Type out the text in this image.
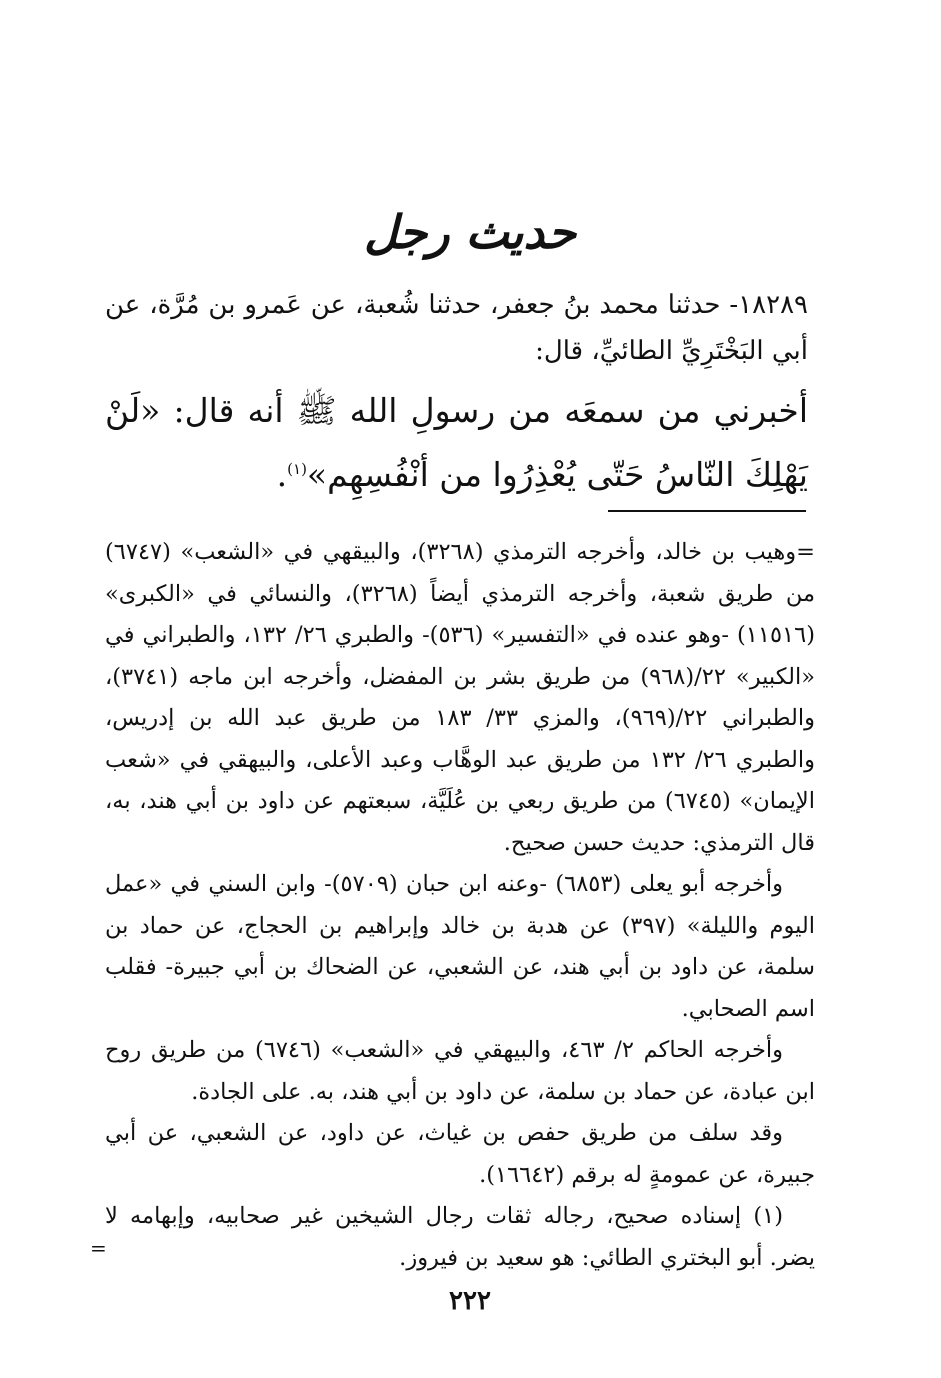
حديث رجل

١٨٢٨٩- حدثنا محمد بنُ جعفر، حدثنا شُعبة، عن عَمرو بن مُرَّة، عن أبي البَخْتَرِيِّ الطائيِّ، قال:

أخبرني من سمعَه من رسولِ الله ﷺ أنه قال: «لَنْ يَهْلِكَ النّاسُ حَتّى يُعْذِرُوا من أنْفُسِهِم»$^{(١)}$.

=وهيب بن خالد، وأخرجه الترمذي (٣٢٦٨)، والبيقهي في «الشعب» (٦٧٤٧) من طريق شعبة، وأخرجه الترمذي أيضاً (٣٢٦٨)، والنسائي في «الكبرى» (١١٥١٦) -وهو عنده في «التفسير» (٥٣٦)- والطبري ٢٦/ ١٣٢، والطبراني في «الكبير» ٢٢/(٩٦٨) من طريق بشر بن المفضل، وأخرجه ابن ماجه (٣٧٤١)، والطبراني ٢٢/(٩٦٩)، والمزي ٣٣/ ١٨٣ من طريق عبد الله بن إدريس، والطبري ٢٦/ ١٣٢ من طريق عبد الوهَّاب وعبد الأعلى، والبيهقي في «شعب الإيمان» (٦٧٤٥) من طريق ربعي بن عُلَيَّة، سبعتهم عن داود بن أبي هند، به، قال الترمذي: حديث حسن صحيح.

وأخرجه أبو يعلى (٦٨٥٣) -وعنه ابن حبان (٥٧٠٩)- وابن السني في «عمل اليوم والليلة» (٣٩٧) عن هدبة بن خالد وإبراهيم بن الحجاج، عن حماد بن سلمة، عن داود بن أبي هند، عن الشعبي، عن الضحاك بن أبي جبيرة- فقلب اسم الصحابي.

وأخرجه الحاكم ٢/ ٤٦٣، والبيهقي في «الشعب» (٦٧٤٦) من طريق روح ابن عبادة، عن حماد بن سلمة، عن داود بن أبي هند، به. على الجادة.

وقد سلف من طريق حفص بن غياث، عن داود، عن الشعبي، عن أبي جبيرة، عن عمومةٍ له برقم (١٦٦٤٢).

(١) إسناده صحيح، رجاله ثقات رجال الشيخين غير صحابيه، وإبهامه لا يضر. أبو البختري الطائي: هو سعيد بن فيروز.

=
٢٢٢
